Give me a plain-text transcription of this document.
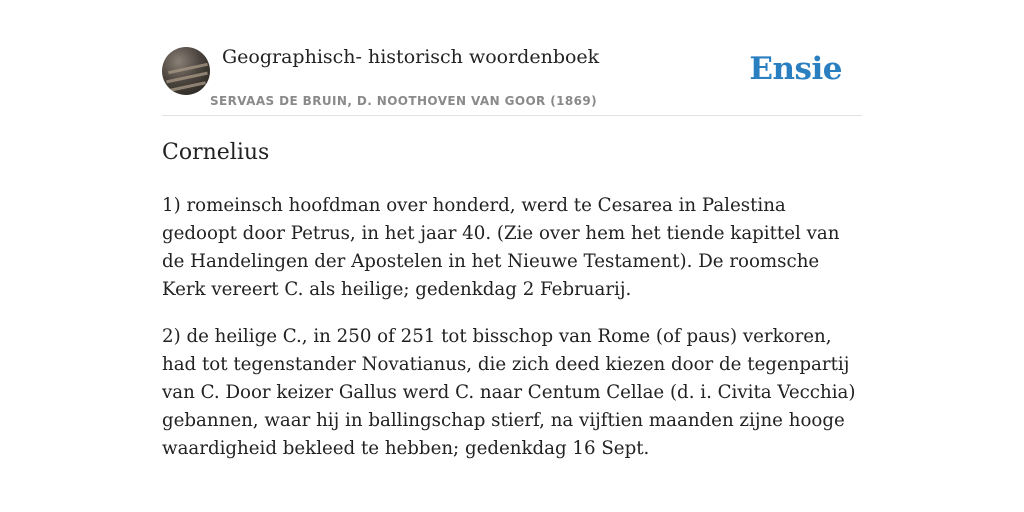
Geographisch- historisch woordenboek
SERVAAS DE BRUIN, D. NOOTHOVEN VAN GOOR (1869)
Ensie
Cornelius

1) romeinsch hoofdman over honderd, werd te Cesarea in Palestina gedoopt door Petrus, in het jaar 40. (Zie over hem het tiende kapittel van de Handelingen der Apostelen in het Nieuwe Testament). De roomsche Kerk vereert C. als heilige; gedenkdag 2 Februarij.

2) de heilige C., in 250 of 251 tot bisschop van Rome (of paus) verkoren, had tot tegenstander Novatianus, die zich deed kiezen door de tegenpartij van C. Door keizer Gallus werd C. naar Centum Cellae (d. i. Civita Vecchia) gebannen, waar hij in ballingschap stierf, na vijftien maanden zijne hooge waardigheid bekleed te hebben; gedenkdag 16 Sept.
